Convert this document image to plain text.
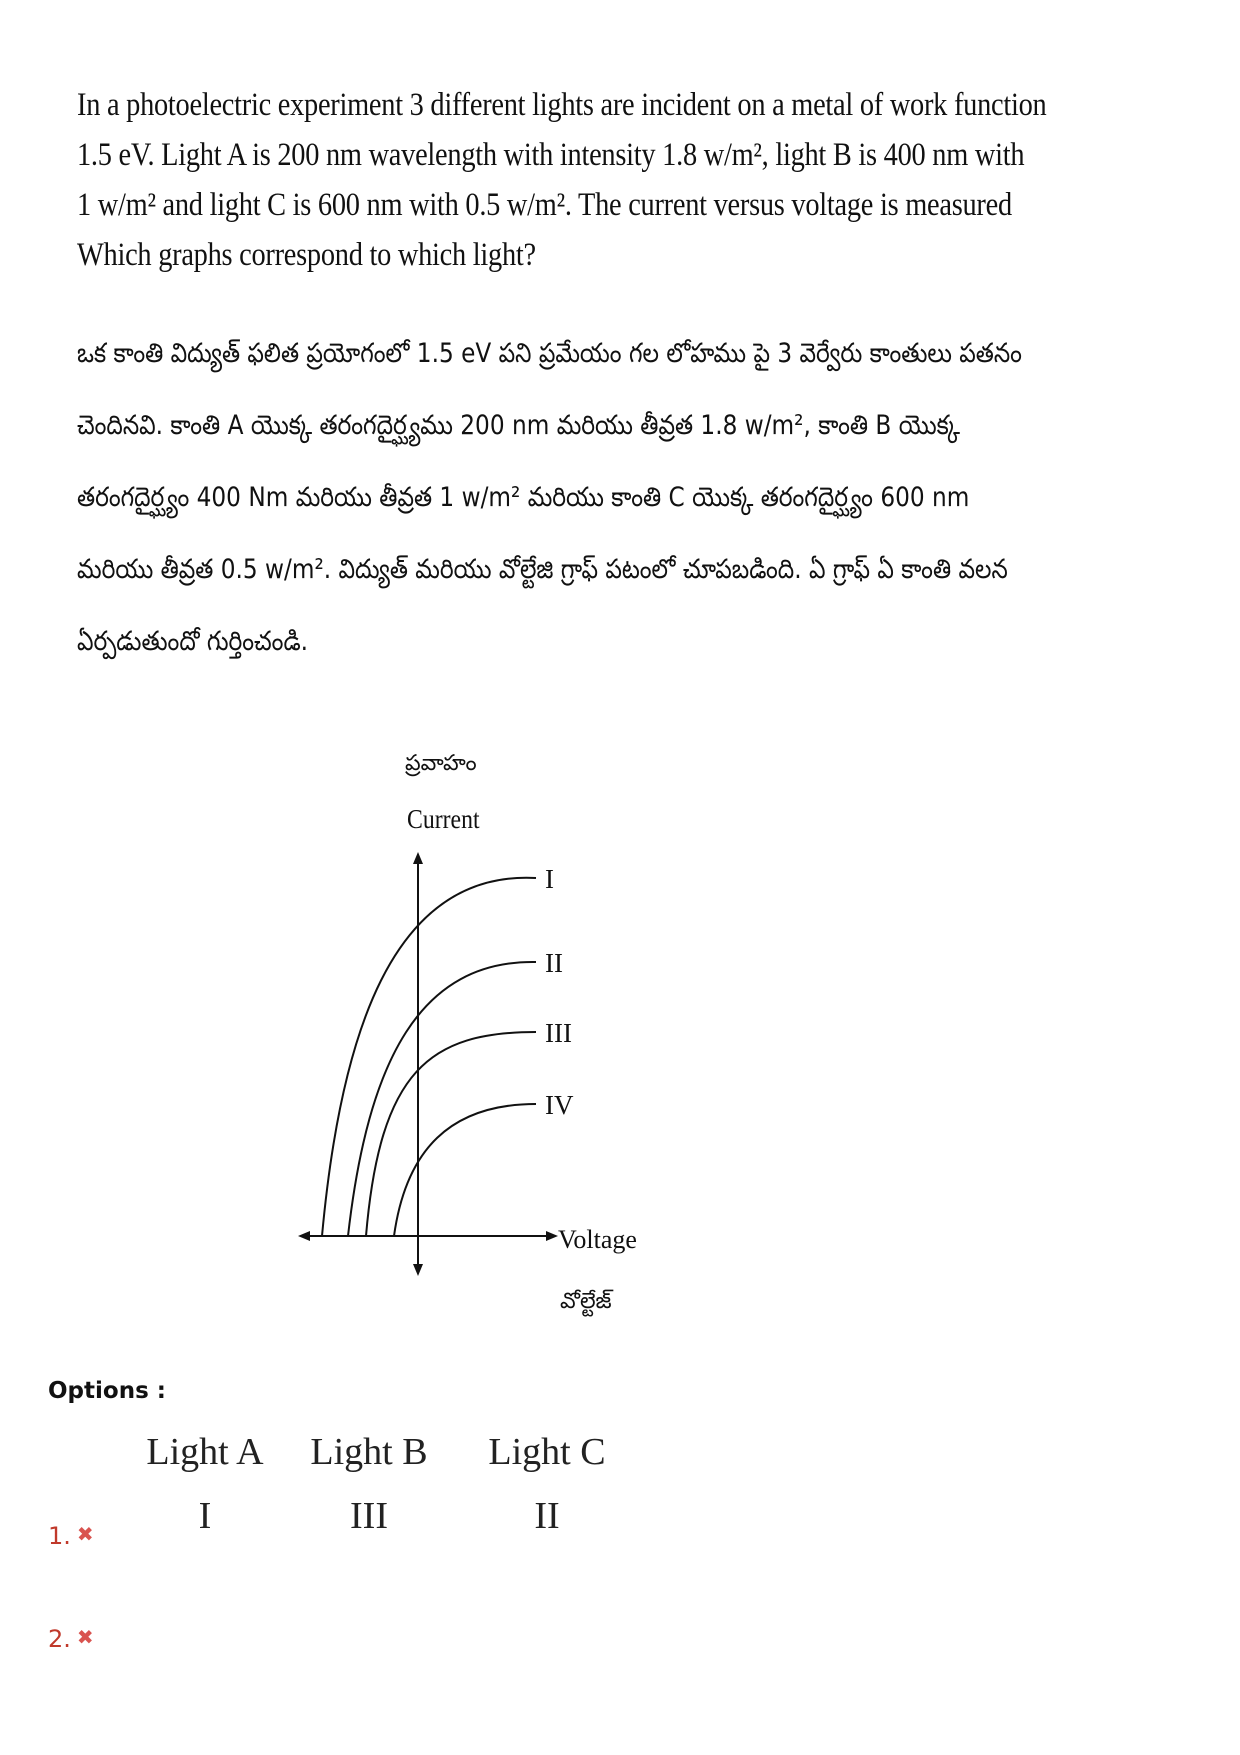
In a photoelectric experiment 3 different lights are incident on a metal of work function

1.5 eV. Light A is 200 nm wavelength with intensity 1.8 w/m², light B is 400 nm with

1 w/m² and light C is 600 nm with 0.5 w/m². The current versus voltage is measured

Which graphs correspond to which light?

ఒక కాంతి విద్యుత్ ఫలిత ప్రయోగంలో 1.5 eV పని ప్రమేయం గల లోహము పై 3 వెర్వేరు కాంతులు పతనం

చెందినవి. కాంతి A యొక్క తరంగదైర్ఘ్యము 200 nm మరియు తీవ్రత 1.8 w/m², కాంతి B యొక్క

తరంగదైర్ఘ్యం 400 Nm మరియు తీవ్రత 1 w/m² మరియు కాంతి C యొక్క తరంగదైర్ఘ్యం 600 nm

మరియు తీవ్రత 0.5 w/m². విద్యుత్ మరియు వోల్టేజి గ్రాఫ్ పటంలో చూపబడింది. ఏ గ్రాఫ్ ఏ కాంతి వలన

ఏర్పడుతుందో గుర్తించండి.

ప్రవాహం
Current
I
II
III
IV
Voltage
వోల్టేజ్
Options :
Light A	Light B	Light C
I	III	II
1. ✖
2. ✖
